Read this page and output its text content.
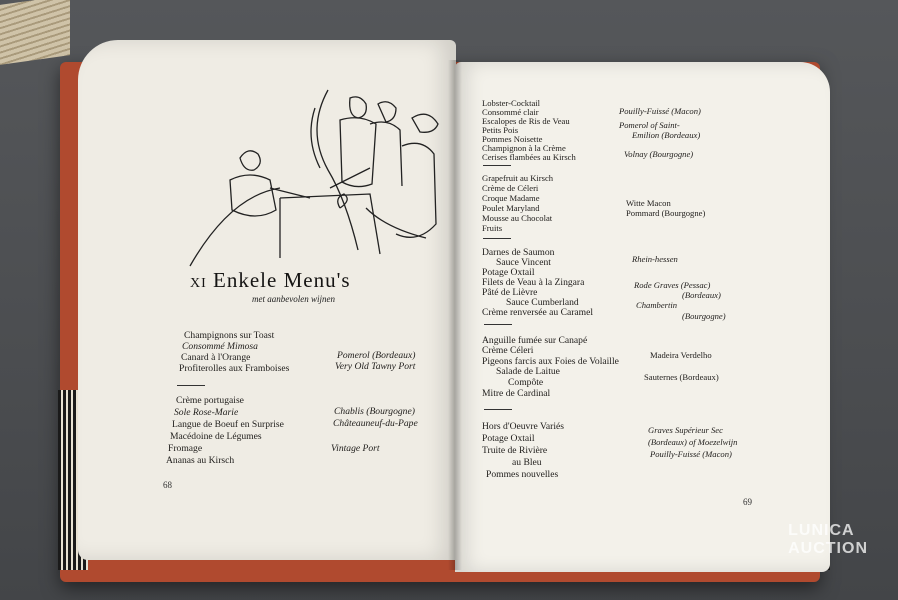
XI Enkele Menu's
met aanbevolen wijnen
Champignons sur Toast
Consommé Mimosa
Canard à l'Orange
Profiterolles aux Framboises
Pomerol (Bordeaux)
Very Old Tawny Port
Crème portugaise
Sole Rose-Marie
Langue de Boeuf en Surprise
Macédoine de Légumes
Fromage
Ananas au Kirsch
Chablis (Bourgogne)
Châteauneuf-du-Pape
Vintage Port
68
Lobster-Cocktail
Consommé clair
Escalopes de Ris de Veau
Petits Pois
Pommes Noisette
Champignon à la Crème
Cerises flambées au Kirsch
Pouilly-Fuissé (Macon)
Pomerol of Saint-
Emilion (Bordeaux)
Volnay (Bourgogne)
Grapefruit au Kirsch
Crème de Céleri
Croque Madame
Poulet Maryland
Mousse au Chocolat
Fruits
Witte Macon
Pommard (Bourgogne)
Darnes de Saumon
Sauce Vincent
Potage Oxtail
Filets de Veau à la Zingara
Pâté de Lièvre
Sauce Cumberland
Crème renversée au Caramel
Rhein-hessen
Rode Graves (Pessac)
(Bordeaux)
Chambertin
(Bourgogne)
Anguille fumée sur Canapé
Crème Céleri
Pigeons farcis aux Foies de Volaille
Salade de Laitue
Compôte
Mitre de Cardinal
Madeira Verdelho
Sauternes (Bordeaux)
Hors d'Oeuvre Variés
Potage Oxtail
Truite de Rivière
au Bleu
Pommes nouvelles
Graves Supérieur Sec
(Bordeaux) of Moezelwijn
Pouilly-Fuissé (Macon)
69
LUNICA
AUCTION
